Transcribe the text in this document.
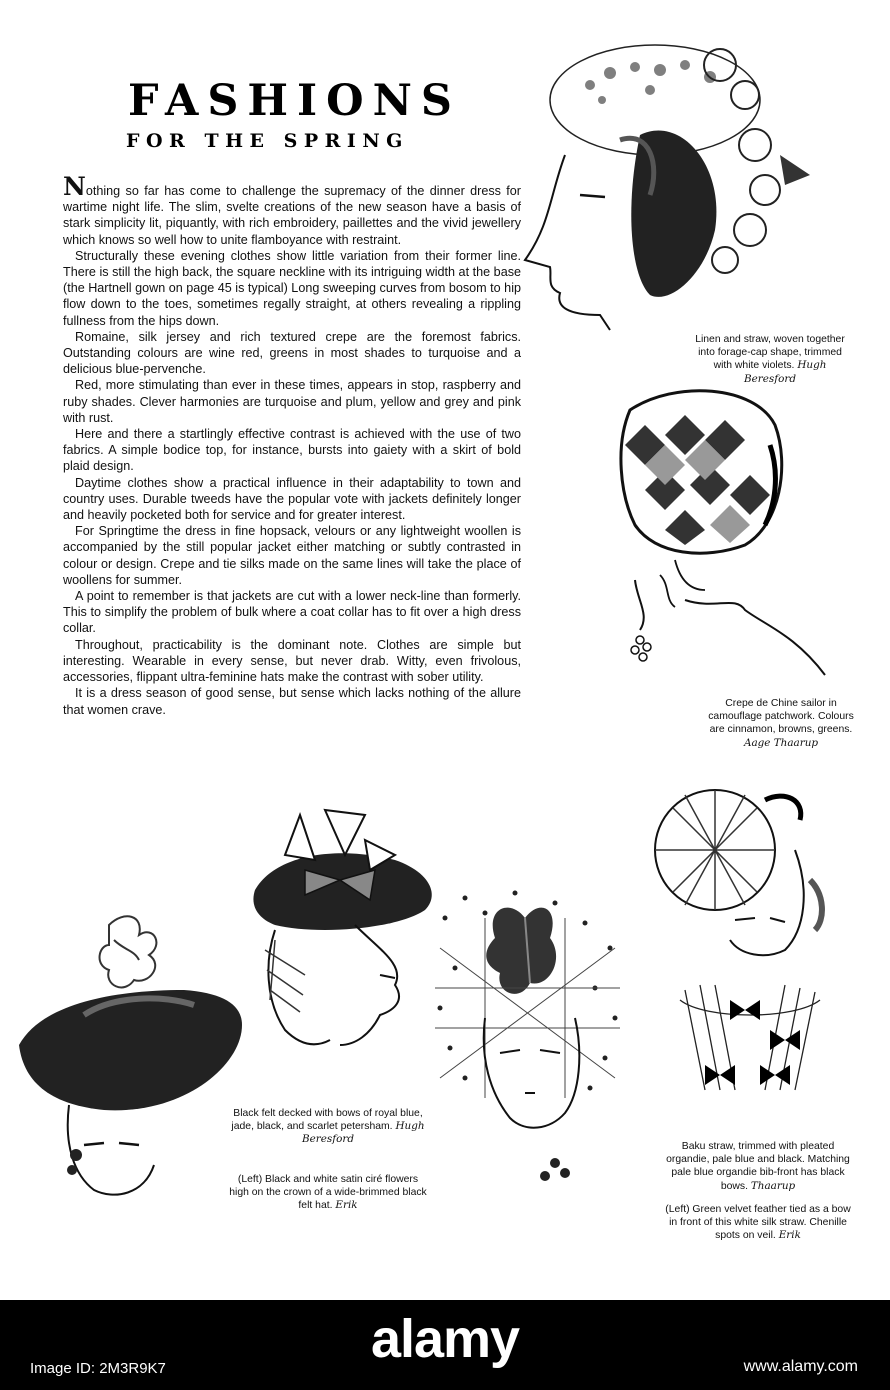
FASHIONS
FOR THE SPRING

Nothing so far has come to challenge the supremacy of the dinner dress for wartime night life. The slim, svelte creations of the new season have a basis of stark simplicity lit, piquantly, with rich embroidery, paillettes and the vivid jewellery which knows so well how to unite flamboyance with restraint.

Structurally these evening clothes show little variation from their former line. There is still the high back, the square neckline with its intriguing width at the base (the Hartnell gown on page 45 is typical) Long sweeping curves from bosom to hip flow down to the toes, sometimes regally straight, at others revealing a rippling fullness from the hips down.

Romaine, silk jersey and rich textured crepe are the foremost fabrics. Outstanding colours are wine red, greens in most shades to turquoise and a delicious blue-pervenche.

Red, more stimulating than ever in these times, appears in stop, raspberry and ruby shades. Clever harmonies are turquoise and plum, yellow and grey and pink with rust.

Here and there a startlingly effective contrast is achieved with the use of two fabrics. A simple bodice top, for instance, bursts into gaiety with a skirt of bold plaid design.

Daytime clothes show a practical influence in their adaptability to town and country uses. Durable tweeds have the popular vote with jackets definitely longer and heavily pocketed both for service and for greater interest.

For Springtime the dress in fine hopsack, velours or any lightweight woollen is accompanied by the still popular jacket either matching or subtly contrasted in colour or design. Crepe and tie silks made on the same lines will take the place of woollens for summer.

A point to remember is that jackets are cut with a lower neck-line than formerly. This to simplify the problem of bulk where a coat collar has to fit over a high dress collar.

Throughout, practicability is the dominant note. Clothes are simple but interesting. Wearable in every sense, but never drab. Witty, even frivolous, accessories, flippant ultra-feminine hats make the contrast with sober utility.

It is a dress season of good sense, but sense which lacks nothing of the allure that women crave.

Linen and straw, woven together into forage-cap shape, trimmed with white violets. Hugh Beresford

Crepe de Chine sailor in camouflage patchwork. Colours are cinnamon, browns, greens. Aage Thaarup

Black felt decked with bows of royal blue, jade, black, and scarlet petersham. Hugh Beresford

(Left) Black and white satin ciré flowers high on the crown of a wide-brimmed black felt hat. Erik

Baku straw, trimmed with pleated organdie, pale blue and black. Matching pale blue organdie bib-front has black bows. Thaarup

(Left) Green velvet feather tied as a bow in front of this white silk straw. Chenille spots on veil. Erik

alamy

Image ID: 2M3R9K7	www.alamy.com
